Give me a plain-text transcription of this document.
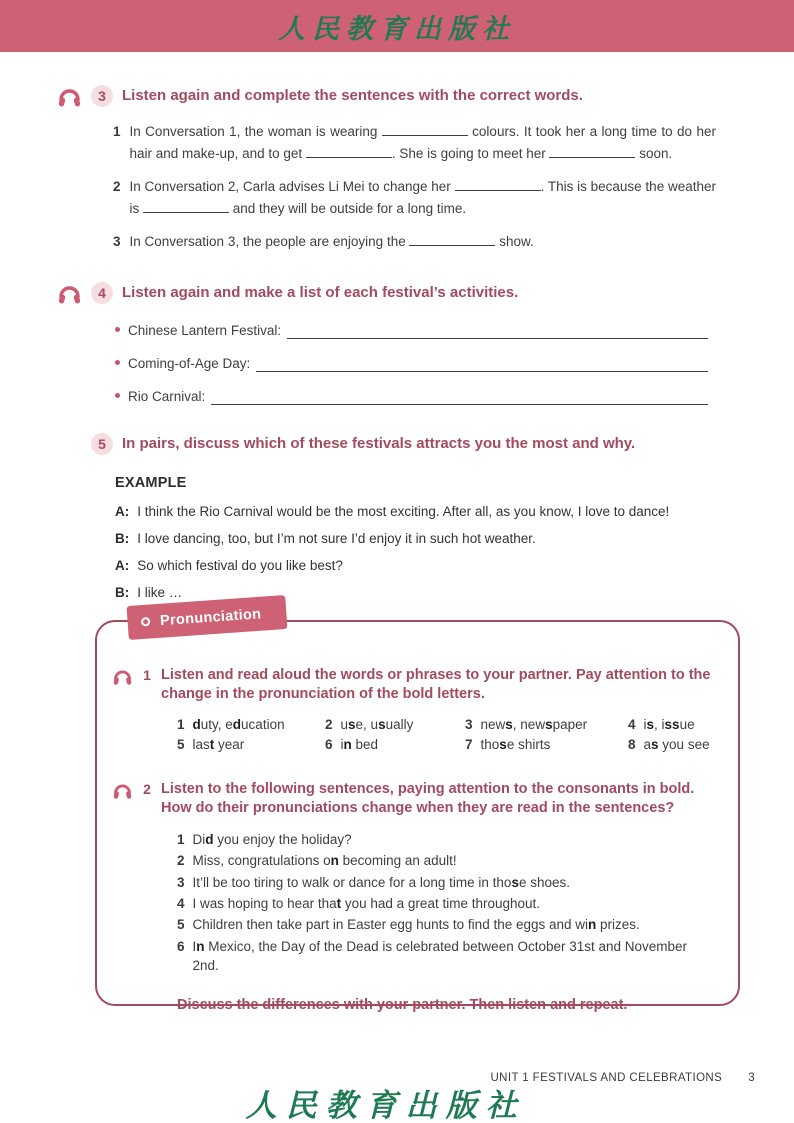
人民教育出版社
3	Listen again and complete the sentences with the correct words.
1 In Conversation 1, the woman is wearing	colours. It took her a long time to do her hair and make-up, and to get	. She is going to meet her	soon.

2 In Conversation 2, Carla advises Li Mei to change her	. This is because the weather is	and they will be outside for a long time.

3 In Conversation 3, the people are enjoying the	show.

4	Listen again and make a list of each festival’s activities.
Chinese Lantern Festival:
Coming-of-Age Day:
Rio Carnival:
5	In pairs, discuss which of these festivals attracts you the most and why.
EXAMPLE
A: I think the Rio Carnival would be the most exciting. After all, as you know, I love to dance!
B: I love dancing, too, but I’m not sure I’d enjoy it in such hot weather.
A: So which festival do you like best?
B: I like …
Pronunciation
1 Listen and read aloud the words or phrases to your partner. Pay attention to the change in the pronunciation of the bold letters.
1 duty, education	2 use, usually	3 news, newspaper	4 is, issue
5 last year	6 in bed	7 those shirts	8 as you see
2 Listen to the following sentences, paying attention to the consonants in bold. How do their pronunciations change when they are read in the sentences?
1 Did you enjoy the holiday?

2 Miss, congratulations on becoming an adult!

3 It’ll be too tiring to walk or dance for a long time in those shoes.

4 I was hoping to hear that you had a great time throughout.

5 Children then take part in Easter egg hunts to find the eggs and win prizes.

6 In Mexico, the Day of the Dead is celebrated between October 31st and November 2nd.

Discuss the differences with your partner. Then listen and repeat.
UNIT 1 FESTIVALS AND CELEBRATIONS 3
人民教育出版社
